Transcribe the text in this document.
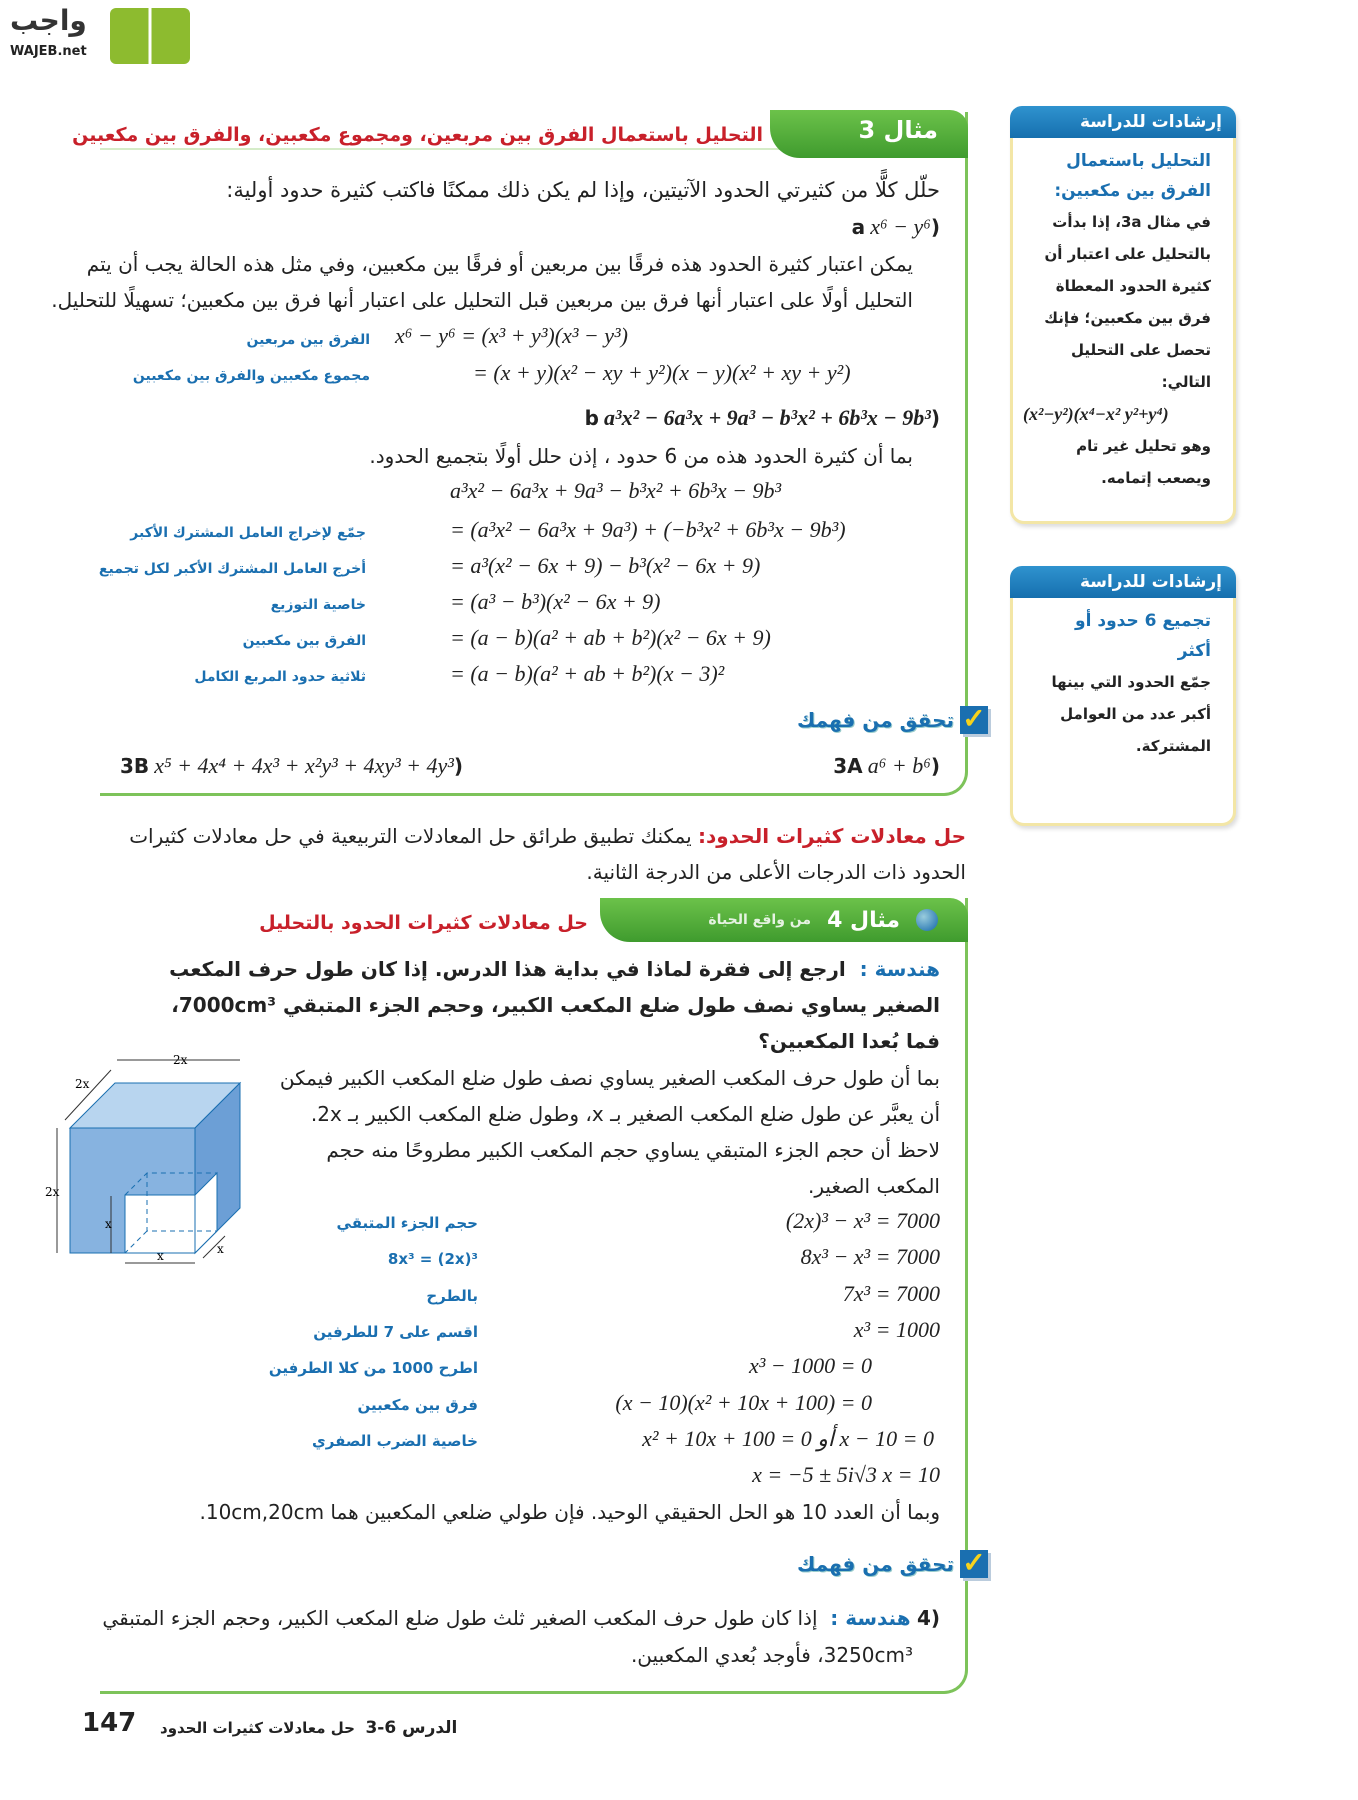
واجب
WAJEB.net
مثال 3
التحليل باستعمال الفرق بين مربعين، ومجموع مكعبين، والفرق بين مكعبين
حلّل كلًّا من كثيرتي الحدود الآتيتين، وإذا لم يكن ذلك ممكنًا فاكتب كثيرة حدود أولية:
(a x⁶ − y⁶
يمكن اعتبار كثيرة الحدود هذه فرقًا بين مربعين أو فرقًا بين مكعبين، وفي مثل هذه الحالة يجب أن يتم
التحليل أولًا على اعتبار أنها فرق بين مربعين قبل التحليل على اعتبار أنها فرق بين مكعبين؛ تسهيلًا للتحليل.
x⁶ − y⁶ = (x³ + y³)(x³ − y³)
الفرق بين مربعين
= (x + y)(x² − xy + y²)(x − y)(x² + xy + y²)
مجموع مكعبين والفرق بين مكعبين
(b a³x² − 6a³x + 9a³ − b³x² + 6b³x − 9b³
بما أن كثيرة الحدود هذه من 6 حدود ، إذن حلل أولًا بتجميع الحدود.
a³x² − 6a³x + 9a³ − b³x² + 6b³x − 9b³
= (a³x² − 6a³x + 9a³) + (−b³x² + 6b³x − 9b³)
جمّع لإخراج العامل المشترك الأكبر
= a³(x² − 6x + 9) − b³(x² − 6x + 9)
أخرج العامل المشترك الأكبر لكل تجميع
= (a³ − b³)(x² − 6x + 9)
خاصية التوزيع
= (a − b)(a² + ab + b²)(x² − 6x + 9)
الفرق بين مكعبين
= (a − b)(a² + ab + b²)(x − 3)²
ثلاثية حدود المربع الكامل
✓
تحقق من فهمك
(3A a⁶ + b⁶
(3B x⁵ + 4x⁴ + 4x³ + x²y³ + 4xy³ + 4y³
حل معادلات كثيرات الحدود: يمكنك تطبيق طرائق حل المعادلات التربيعية في حل معادلات كثيرات
الحدود ذات الدرجات الأعلى من الدرجة الثانية.
مثال 4
من واقع الحياة
حل معادلات كثيرات الحدود بالتحليل
هندسة :  ارجع إلى فقرة لماذا في بداية هذا الدرس. إذا كان طول حرف المكعب
الصغير يساوي نصف طول ضلع المكعب الكبير، وحجم الجزء المتبقي 7000cm³،
فما بُعدا المكعبين؟
بما أن طول حرف المكعب الصغير يساوي نصف طول ضلع المكعب الكبير فيمكن
أن يعبَّر عن طول ضلع المكعب الصغير بـ x، وطول ضلع المكعب الكبير بـ 2x.
لاحظ أن حجم الجزء المتبقي يساوي حجم المكعب الكبير مطروحًا منه حجم
المكعب الصغير.
(2x)³ − x³ = 7000
حجم الجزء المتبقي
8x³ − x³ = 7000
8x³ = (2x)³
7x³ = 7000
بالطرح
x³ = 1000
اقسم على 7 للطرفين
x³ − 1000 = 0
اطرح 1000 من كلا الطرفين
(x − 10)(x² + 10x + 100) = 0
فرق بين مكعبين
x² + 10x + 100 = 0 أو x − 10 = 0
خاصية الضرب الصفري
x = −5 ± 5i√3 x = 10
وبما أن العدد 10 هو الحل الحقيقي الوحيد. فإن طولي ضلعي المكعبين هما 10cm,20cm.
2x
2x
2x
x
x	x
✓
تحقق من فهمك
4) هندسة :  إذا كان طول حرف المكعب الصغير ثلث طول ضلع المكعب الكبير، وحجم الجزء المتبقي
3250cm³، فأوجد بُعدي المكعبين.
147	الدرس 6-3  حل معادلات كثيرات الحدود
إرشادات للدراسة
التحليل باستعمال الفرق بين مكعبين:
في مثال 3a، إذا بدأت
بالتحليل على اعتبار أن
كثيرة الحدود المعطاة
فرق بين مكعبين؛ فإنك
تحصل على التحليل
التالي:
(x²−y²)(x⁴−x² y²+y⁴)
وهو تحليل غير تام
ويصعب إتمامه.
إرشادات للدراسة
تجميع 6 حدود أو أكثر
جمّع الحدود التي بينها
أكبر عدد من العوامل
المشتركة.
